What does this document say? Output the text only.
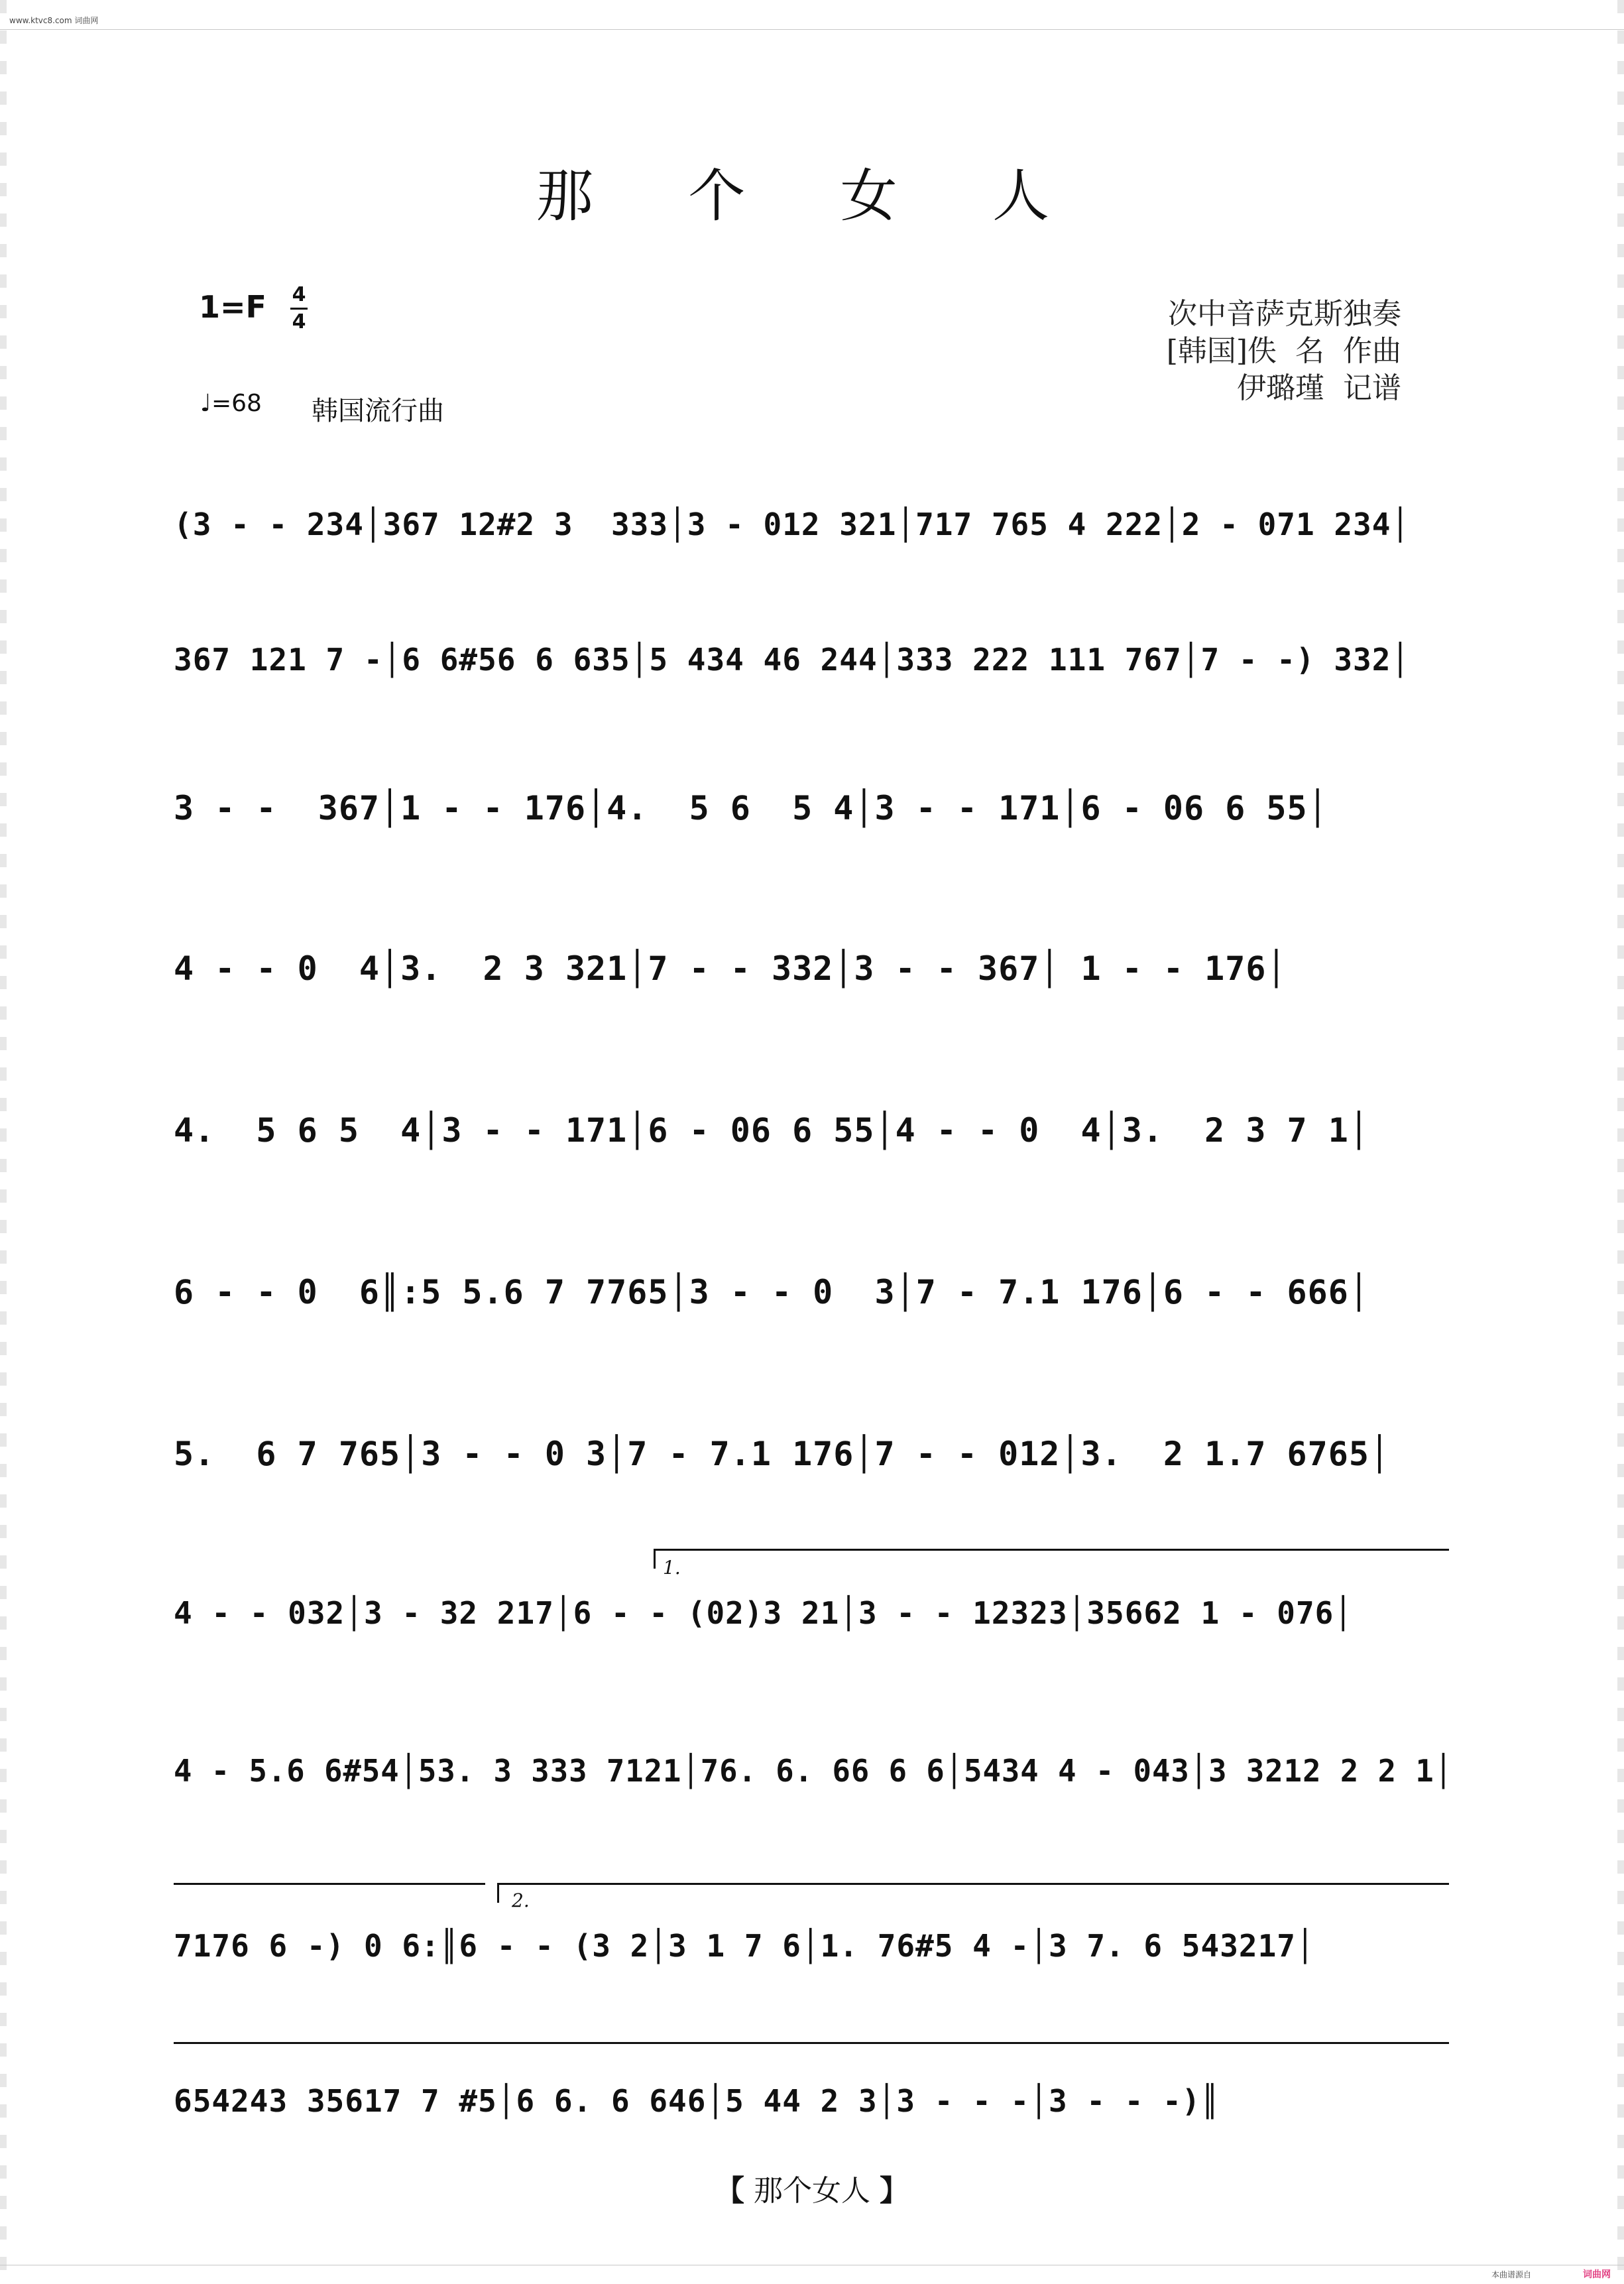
www.ktvc8.com 词曲网
那 个 女 人
1=F 4
4
♩=68 韩国流行曲
次中音萨克斯独奏
[韩国]佚  名  作曲
伊璐瑾  记谱
(3 - - 234│367 12#2 3  333│3 - 012 321│717 765 4 222│2 - 071 234│
367 121 7 -│6 6#56 6 635│5 434 46 244│333 222 111 767│7 - -) 332│
3 - -  367│1 - - 176│4.  5 6  5 4│3 - - 171│6 - 06 6 55│
4 - - 0  4│3.  2 3 321│7 - - 332│3 - - 367│ 1 - - 176│
4.  5 6 5  4│3 - - 171│6 - 06 6 55│4 - - 0  4│3.  2 3 7 1│
6 - - 0  6║:5 5.6 7 7765│3 - - 0  3│7 - 7.1 176│6 - - 666│
5.  6 7 765│3 - - 0 3│7 - 7.1 176│7 - - 012│3.  2 1.7 6765│
1.
4 - - 032│3 - 32 217│6 - - (02)3 21│3 - - 12323│35662 1 - 076│
4 - 5.6 6#54│53. 3 333 7121│76. 6. 66 6 6│5434 4 - 043│3 3212 2 2 1│
2.
7176 6 -) 0 6:║6 - - (3 2│3 1 7 6│1. 76#5 4 -│3 7. 6 543217│
654243 35617 7 #5│6 6. 6 646│5 44 2 3│3 - - -│3 - - -)║
【 那个女人 】
本曲谱源自	词曲网
